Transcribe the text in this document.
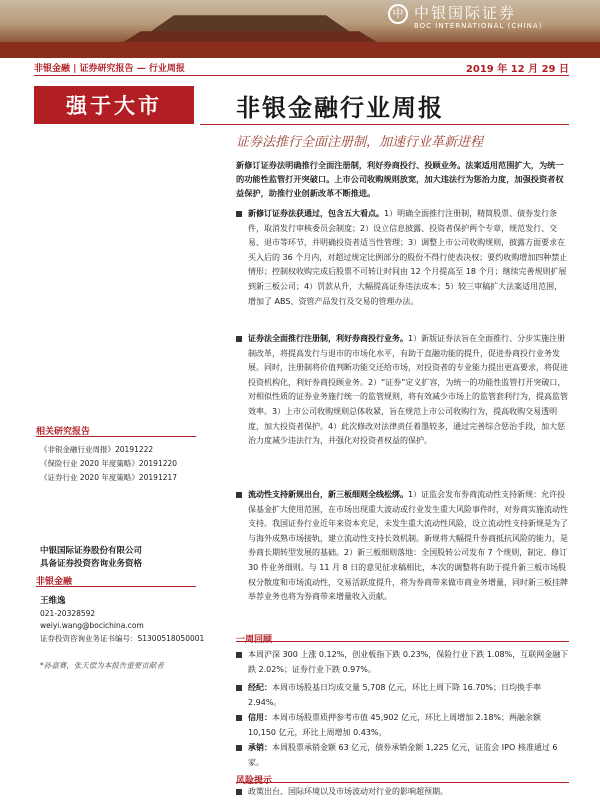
中 中银国际证券
BOC INTERNATIONAL (CHINA)
非银金融 | 证券研究报告 — 行业周报	2019 年 12 月 29 日
强于大市	非银金融行业周报
证券法推行全面注册制，加速行业革新进程
新修订证券法明确推行全面注册制，利好券商投行、投顾业务。法案适用范围扩大，为统一的功能性监管打开突破口。上市公司收购规则放宽，加大违法行为惩治力度，加强投资者权益保护，助推行业创新改革不断推进。
新修订证券法获通过，包含五大看点。1）明确全面推行注册制，精简股票、债券发行条件，取消发行审核委员会制度；2）设立信息披露、投资者保护两个专章，规范发行、交易、退市等环节，并明确投资者适当性管理；3）调整上市公司收购规则，披露方面要求在买入后的 36 个月内，对超过规定比例部分的股份不得行使表决权；要约收购增加四种禁止情形；控制权收购完成后股票不可转让时间由 12 个月提高至 18 个月；继续完善规则扩展到新三板公司；4）罚款从升，大幅提高证券违法成本；5）较三审稿扩大法案适用范围，增加了 ABS、资管产品发行及交易的管理办法。
证券法全面推行注册制，利好券商投行业务。1）新版证券法旨在全面推行、分步实施注册制改革，将提高发行与退市的市场化水平，有助于直融功能的提升，促进券商投行业务发展。同时，注册制将价值判断功能交还给市场，对投资者的专业能力提出更高要求，将促进投资机构化，利好券商投顾业务。2）“证券”定义扩容，为统一的功能性监管打开突破口，对相似性质的证券业务施行统一的监管规则，将有效减少市场上的监管套利行为，提高监管效率。3）上市公司收购规则总体收紧，旨在规范上市公司收购行为，提高收购交易透明度，加大投资者保护。4）此次修改对法律责任着墨较多，通过完善综合惩治手段，加大惩治力度减少违法行为，并强化对投资者权益的保护。
流动性支持新规出台，新三板细则全线松绑。1）证监会发布券商流动性支持新规：允许投保基金扩大使用范围，在市场出现重大波动或行业发生重大风险事件时，对券商实施流动性支持。我国证券行业近年来资本充足，未发生重大流动性风险，设立流动性支持新规是为了与海外成熟市场接轨，建立流动性支持长效机制。新规将大幅提升券商抵抗风险的能力，是券商长期转型发展的基础。2）新三板细则落地：全国股转公司发布 7 个规则，制定、修订 30 件业务细则。与 11 月 8 日的意见征求稿相比，本次的调整将有助于提升新三板市场股权分散度和市场流动性，交易活跃度提升，将为券商带来做市商业务增量，同时新三板挂牌举荐业务也将为券商带来增量收入贡献。
一周回顾
本周沪深 300 上涨 0.12%，创业板指下跌 0.23%，保险行业下跌 1.08%，互联网金融下跌 2.02%；证券行业下跌 0.97%。
经纪：本周市场股基日均成交量 5,708 亿元，环比上周下降 16.70%；日均换手率 2.94%。
信用：本周市场股票质押参考市值 45,902 亿元，环比上周增加 2.18%；两融余额 10,150 亿元，环比上周增加 0.43%。
承销：本周股票承销金额 63 亿元，债券承销金额 1,225 亿元，证监会 IPO 核准通过 6 家。
风险提示
政策出台、国际环境以及市场波动对行业的影响超预期。
相关研究报告
《非银金融行业周报》20191222
《保险行业 2020 年度策略》20191220
《证券行业 2020 年度策略》20191217
中银国际证券股份有限公司
具备证券投资咨询业务资格
非银金融
王维逸
021-20328592
weiyi.wang@bocichina.com
证券投资咨询业务证书编号：S1300518050001
*孙嘉赛，张天偿为本报告重要贡献者
